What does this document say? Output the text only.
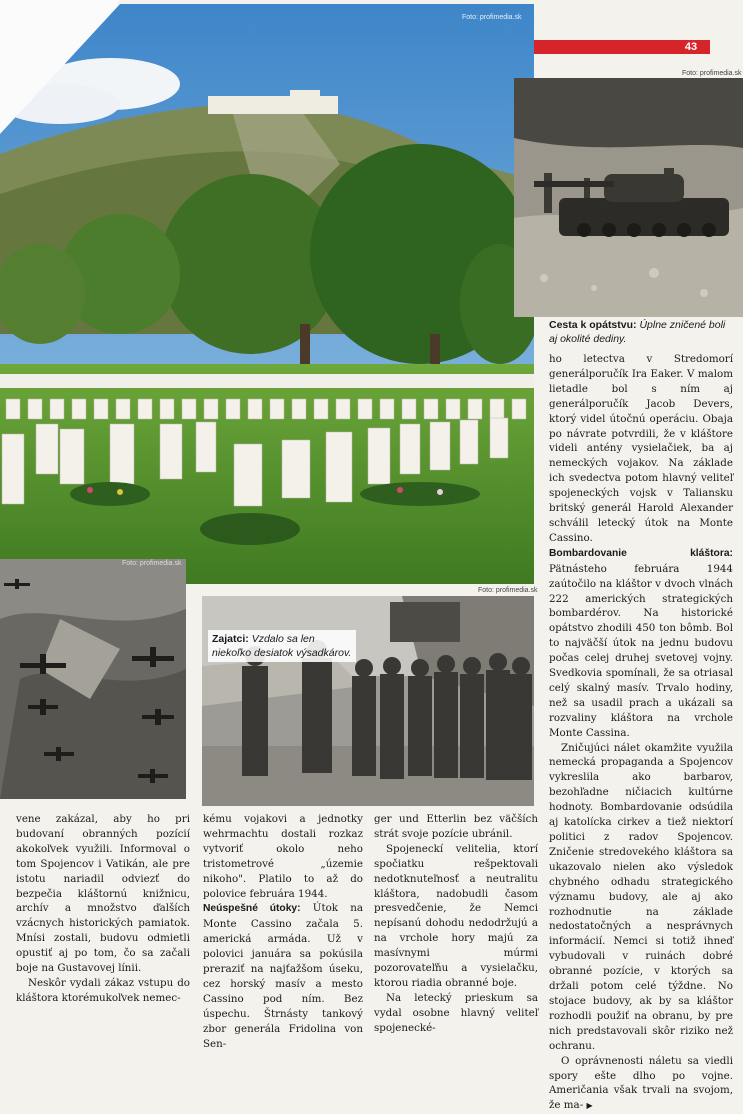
Foto: profimedia.sk
43
Foto: profimedia.sk
Cesta k opátstvu: Úplne zničené boli aj okolité dediny.

ho letectva v Stredomorí generálporučík Ira Eaker. V malom lietadle bol s ním aj generálporučík Jacob Devers, ktorý videl útočnú operáciu. Obaja po návrate potvrdili, že v kláštore videli antény vysielačiek, ba aj nemeckých vojakov. Na základe ich svedectva potom hlavný veliteľ spojeneckých vojsk v Taliansku britský generál Harold Alexander schválil letecký útok na Monte Cassino.

Bombardovanie kláštora: Pätnásteho februára 1944 zaútočilo na kláštor v dvoch vlnách 222 amerických strategických bombardérov. Na historické opátstvo zhodili 450 ton bômb. Bol to najväčší útok na jednu budovu počas celej druhej svetovej vojny. Svedkovia spomínali, že sa otriasal celý skalný masív. Trvalo hodiny, než sa usadil prach a ukázali sa rozvaliny kláštora na vrchole Monte Cassina.

Zničujúci nálet okamžite využila nemecká propaganda a Spojencov vykreslila ako barbarov, bezohľadne ničiacich kultúrne hodnoty. Bombardovanie odsúdila aj katolícka cirkev a tiež niektorí politici z radov Spojencov. Zničenie stredovekého kláštora sa ukazovalo nielen ako výsledok chybného odhadu strategického významu budovy, ale aj ako rozhodnutie na základe nedostatočných a nesprávnych informácií. Nemci si totiž ihneď vybudovali v ruinách dobré obranné pozície, v ktorých sa držali potom celé týždne. No stojace budovy, ak by sa kláštor rozhodli použiť na obranu, by pre nich predstavovali skôr riziko než ochranu.

O oprávnenosti náletu sa viedli spory ešte dlho po vojne. Američania však trvali na svojom, že ma- ▶

Foto: profimedia.sk
Foto: profimedia.sk
Zajatci: Vzdalo sa len niekoľko desiatok výsadkárov.

vene zakázal, aby ho pri budovaní obranných pozícií akokoľvek využili. Informoval o tom Spojencov i Vatikán, ale pre istotu nariadil odviezť do bezpečia kláštornú knižnicu, archív a množstvo ďalších vzácnych historických pamiatok. Mnísi zostali, budovu odmietli opustiť aj po tom, čo sa začali boje na Gustavovej línii.

Neskôr vydali zákaz vstupu do kláštora ktorémukoľvek nemec-

kému vojakovi a jednotky wehrmachtu dostali rozkaz vytvoriť okolo neho tristometrové „územie nikoho". Platilo to až do polovice februára 1944.

Neúspešné útoky: Útok na Monte Cassino začala 5. americká armáda. Už v polovici januára sa pokúsila preraziť na najťažšom úseku, cez horský masív a mesto Cassino pod ním. Bez úspechu. Štrnásty tankový zbor generála Fridolina von Sen-

ger und Etterlin bez väčších strát svoje pozície ubránil.

Spojeneckí velitelia, ktorí spočiatku rešpektovali nedotknuteľnosť a neutralitu kláštora, nadobudli časom presvedčenie, že Nemci nepísanú dohodu nedodržujú a na vrchole hory majú za masívnymi múrmi pozorovateľňu a vysielačku, ktorou riadia obranné boje.

Na letecký prieskum sa vydal osobne hlavný veliteľ spojenecké-
